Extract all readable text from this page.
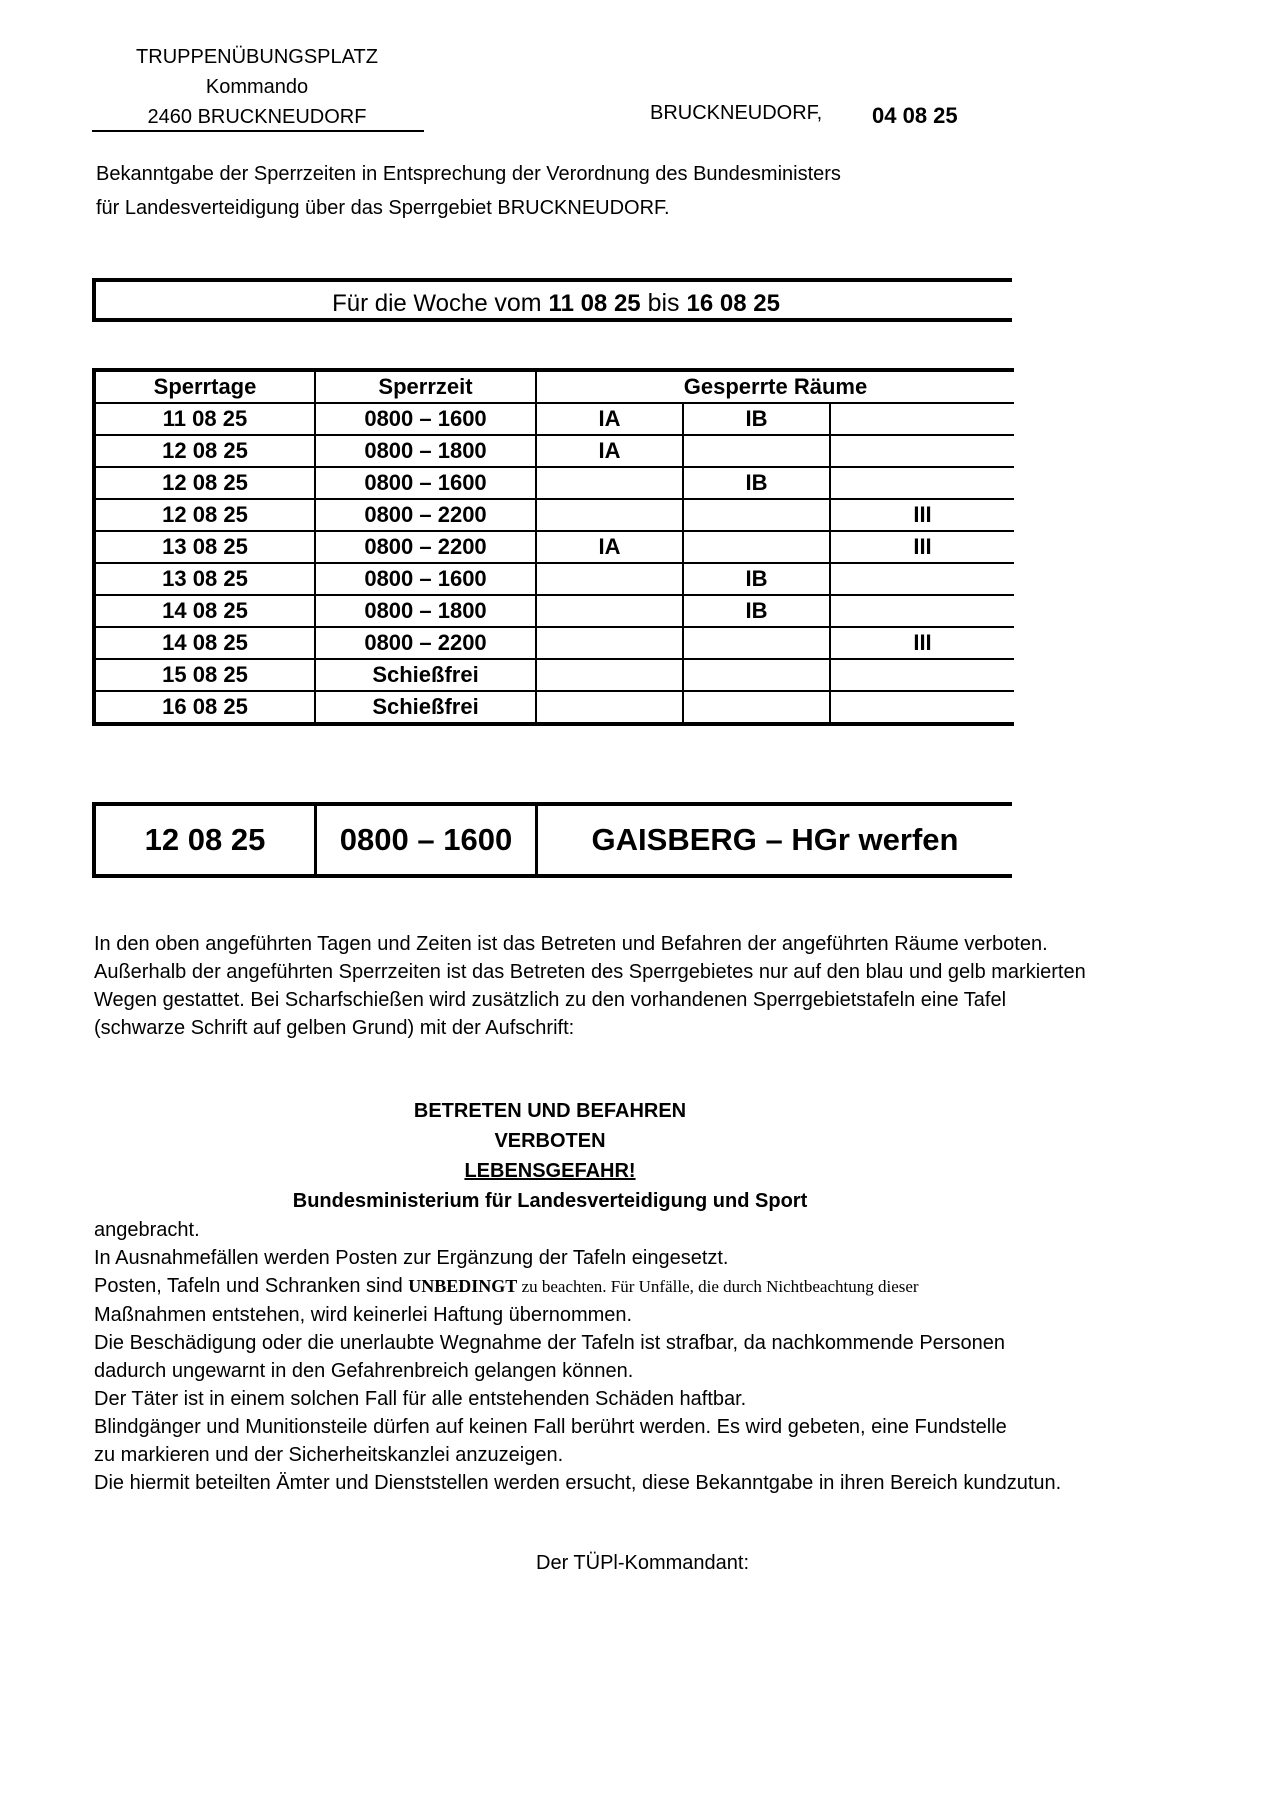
TRUPPENÜBUNGSPLATZ
Kommando
2460 BRUCKNEUDORF	BRUCKNEUDORF, 04 08 25
Bekanntgabe der Sperrzeiten in Entsprechung der Verordnung des Bundesministers
für Landesverteidigung über das Sperrgebiet BRUCKNEUDORF.
Für die Woche vom 11 08 25 bis 16 08 25
Sperrtage	Sperrzeit	Gesperrte Räume		
11 08 25	0800 – 1600	IA	IB	
12 08 25	0800 – 1800	IA		
12 08 25	0800 – 1600		IB	
12 08 25	0800 – 2200			III
13 08 25	0800 – 2200	IA		III
13 08 25	0800 – 1600		IB	
14 08 25	0800 – 1800		IB	
14 08 25	0800 – 2200			III
15 08 25	Schießfrei			
16 08 25	Schießfrei			
12 08 25	0800 – 1600	GAISBERG – HGr werfen
In den oben angeführten Tagen und Zeiten ist das Betreten und Befahren der angeführten Räume verboten.
Außerhalb der angeführten Sperrzeiten ist das Betreten des Sperrgebietes nur auf den blau und gelb markierten
Wegen gestattet. Bei Scharfschießen wird zusätzlich zu den vorhandenen Sperrgebietstafeln eine Tafel
(schwarze Schrift auf gelben Grund) mit der Aufschrift:
BETRETEN UND BEFAHREN
VERBOTEN
LEBENSGEFAHR!
Bundesministerium für Landesverteidigung und Sport
angebracht.
In Ausnahmefällen werden Posten zur Ergänzung der Tafeln eingesetzt.
Posten, Tafeln und Schranken sind UNBEDINGT zu beachten. Für Unfälle, die durch Nichtbeachtung dieser
Maßnahmen entstehen, wird keinerlei Haftung übernommen.
Die Beschädigung oder die unerlaubte Wegnahme der Tafeln ist strafbar, da nachkommende Personen
dadurch ungewarnt in den Gefahrenbreich gelangen können.
Der Täter ist in einem solchen Fall für alle entstehenden Schäden haftbar.
Blindgänger und Munitionsteile dürfen auf keinen Fall berührt werden. Es wird gebeten, eine Fundstelle
zu markieren und der Sicherheitskanzlei anzuzeigen.
Die hiermit beteilten Ämter und Dienststellen werden ersucht, diese Bekanntgabe in ihren Bereich kundzutun.
Der TÜPl-Kommandant:
